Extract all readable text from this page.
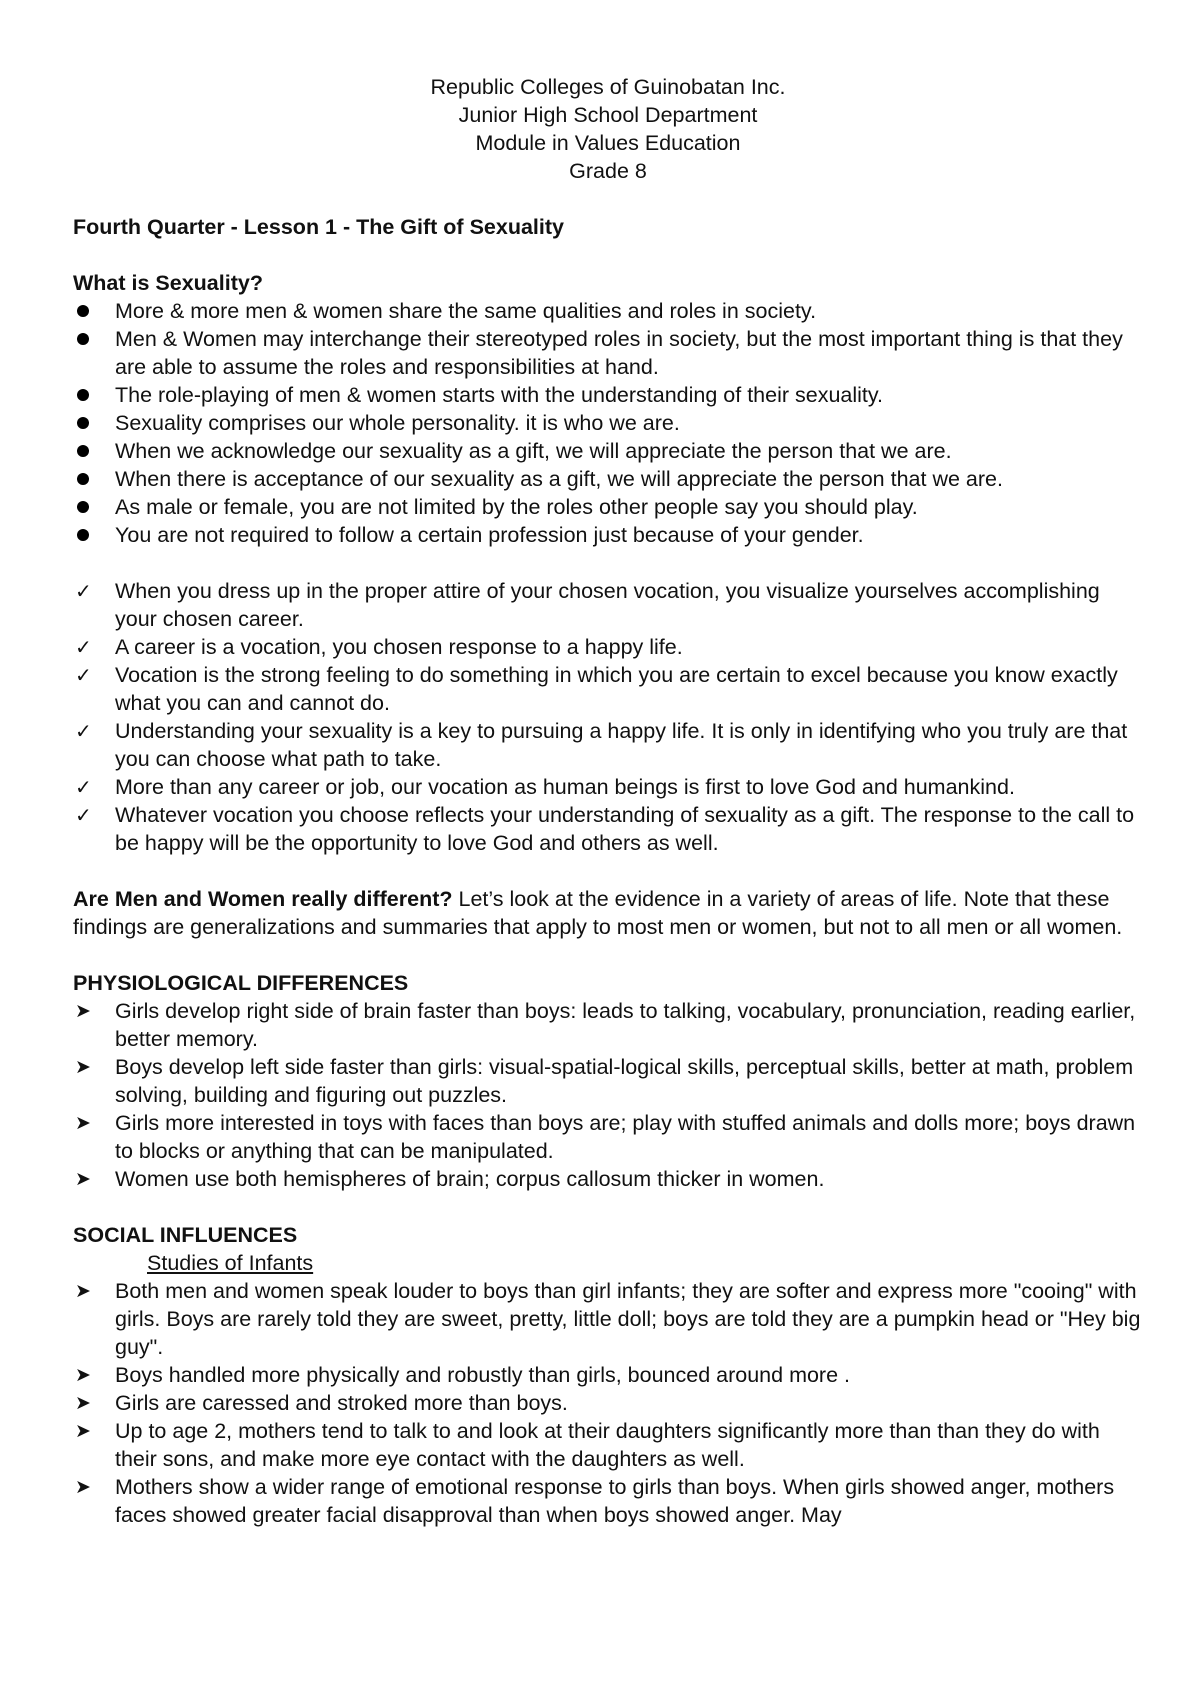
Republic Colleges of Guinobatan Inc.
Junior High School Department
Module in Values Education
Grade 8
Fourth Quarter - Lesson 1 - The Gift of Sexuality
What is Sexuality?
More & more men & women share the same qualities and roles in society.
Men & Women may interchange their stereotyped roles in society, but the most important thing is that they are able to assume the roles and responsibilities at hand.
The role-playing of men & women starts with the understanding of their sexuality.
Sexuality comprises our whole personality. it is who we are.
When we acknowledge our sexuality as a gift, we will appreciate the person that we are.
When there is acceptance of our sexuality as a gift, we will appreciate the person that we are.
As male or female, you are not limited by the roles other people say you should play.
You are not required to follow a certain profession just because of your gender.
✓	When you dress up in the proper attire of your chosen vocation, you visualize yourselves accomplishing your chosen career.
✓	A career is a vocation, you chosen response to a happy life.
✓	Vocation is the strong feeling to do something in which you are certain to excel because you know exactly what you can and cannot do.
✓	Understanding your sexuality is a key to pursuing a happy life. It is only in identifying who you truly are that you can choose what path to take.
✓	More than any career or job, our vocation as human beings is first to love God and humankind.
✓	Whatever vocation you choose reflects your understanding of sexuality as a gift. The response to the call to be happy will be the opportunity to love God and others as well.
Are Men and Women really different? Let’s look at the evidence in a variety of areas of life. Note that these findings are generalizations and summaries that apply to most men or women, but not to all men or all women.
PHYSIOLOGICAL DIFFERENCES
➤	Girls develop right side of brain faster than boys: leads to talking, vocabulary, pronunciation, reading earlier, better memory.
➤	Boys develop left side faster than girls: visual-spatial-logical skills, perceptual skills, better at math, problem solving, building and figuring out puzzles.
➤	Girls more interested in toys with faces than boys are; play with stuffed animals and dolls more; boys drawn to blocks or anything that can be manipulated.
➤	Women use both hemispheres of brain; corpus callosum thicker in women.
SOCIAL INFLUENCES
Studies of Infants
➤	Both men and women speak louder to boys than girl infants; they are softer and express more "cooing" with girls. Boys are rarely told they are sweet, pretty, little doll; boys are told they are a pumpkin head or "Hey big guy".
➤	Boys handled more physically and robustly than girls, bounced around more .
➤	Girls are caressed and stroked more than boys.
➤	Up to age 2, mothers tend to talk to and look at their daughters significantly more than than they do with their sons, and make more eye contact with the daughters as well.
➤	Mothers show a wider range of emotional response to girls than boys. When girls showed anger, mothers faces showed greater facial disapproval than when boys showed anger. May
